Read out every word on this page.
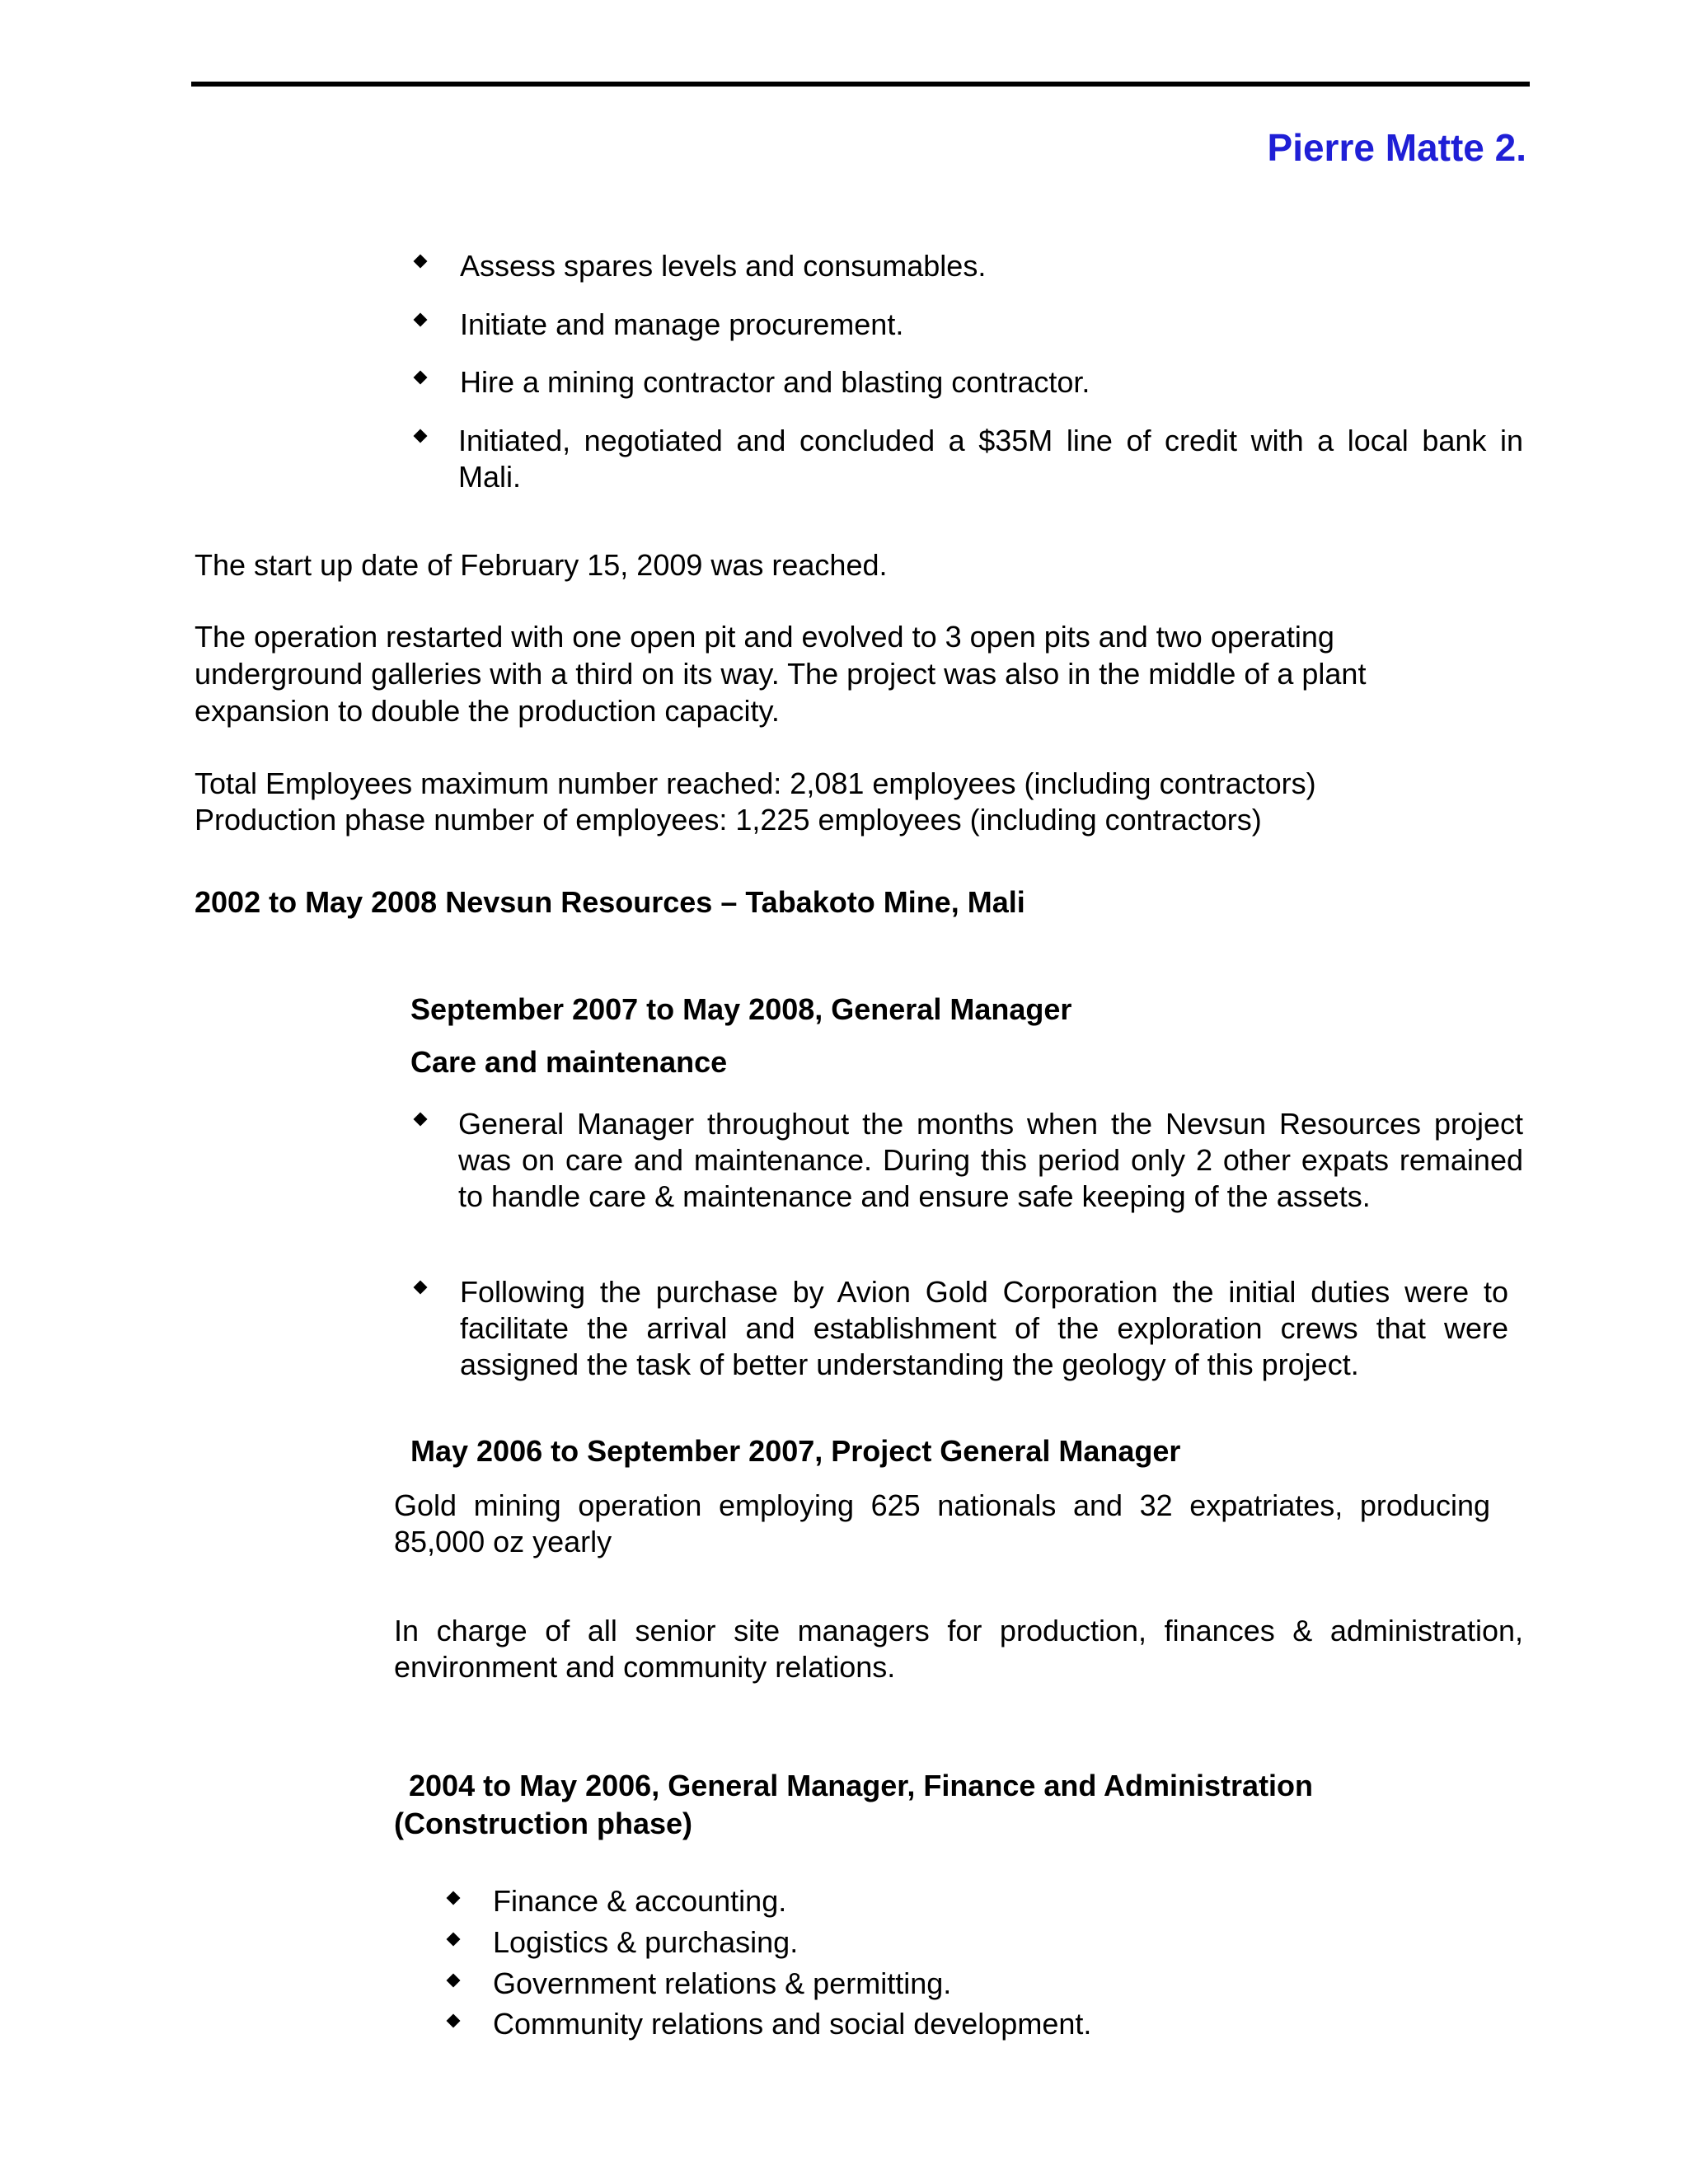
Pierre Matte 2.
Assess spares levels and consumables.
Initiate and manage procurement.
Hire a mining contractor and blasting contractor.
Initiated, negotiated and concluded a $35M line of credit with a local bank in Mali.
The start up date of February 15, 2009 was reached.
The operation restarted with one open pit and evolved to 3 open pits and two operating
underground galleries with a third on its way. The project was also in the middle of a plant
expansion to double the production capacity.
Total Employees maximum number reached: 2,081 employees (including contractors)
Production phase number of employees: 1,225 employees (including contractors)
2002 to May 2008 Nevsun Resources – Tabakoto Mine, Mali
September 2007 to May 2008, General Manager
Care and maintenance
General Manager throughout the months when the Nevsun Resources project was on care and maintenance. During this period only 2 other expats remained to handle care & maintenance and ensure safe keeping of the assets.
Following the purchase by Avion Gold Corporation the initial duties were to facilitate the arrival and establishment of the exploration crews that were assigned the task of better understanding the geology of this project.
May 2006 to September 2007, Project General Manager
Gold mining operation employing 625 nationals and 32 expatriates, producing 85,000 oz yearly
In charge of all senior site managers for production, finances & administration, environment and community relations.
2004 to May 2006, General Manager, Finance and Administration
(Construction phase)
Finance & accounting.
Logistics & purchasing.
Government relations & permitting.
Community relations and social development.
